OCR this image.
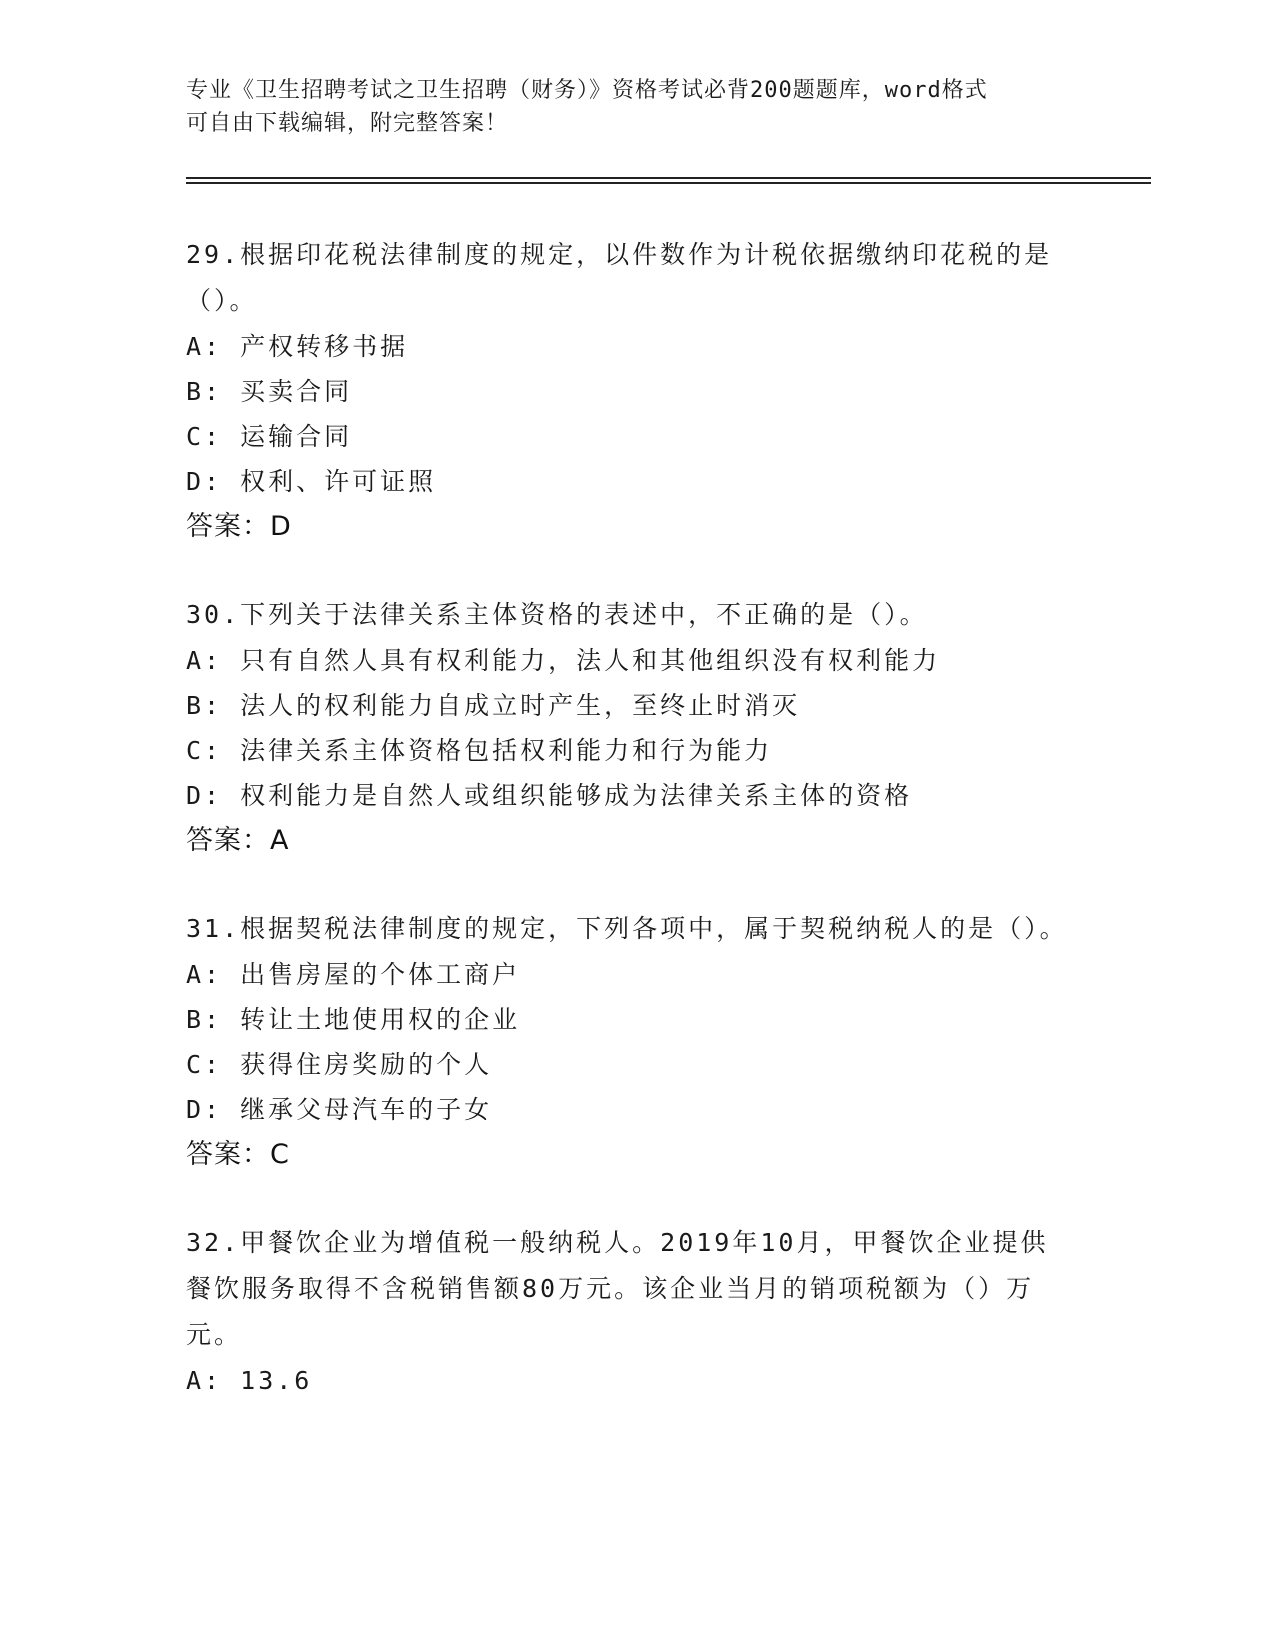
专业《卫生招聘考试之卫生招聘（财务）》资格考试必背200题题库，word格式
可自由下载编辑，附完整答案！

29.根据印花税法律制度的规定，以件数作为计税依据缴纳印花税的是（）。

A: 产权转移书据

B: 买卖合同

C: 运输合同

D: 权利、许可证照

答案：D

30.下列关于法律关系主体资格的表述中，不正确的是（）。

A: 只有自然人具有权利能力，法人和其他组织没有权利能力

B: 法人的权利能力自成立时产生，至终止时消灭

C: 法律关系主体资格包括权利能力和行为能力

D: 权利能力是自然人或组织能够成为法律关系主体的资格

答案：A

31.根据契税法律制度的规定，下列各项中，属于契税纳税人的是（）。

A: 出售房屋的个体工商户

B: 转让土地使用权的企业

C: 获得住房奖励的个人

D: 继承父母汽车的子女

答案：C

32.甲餐饮企业为增值税一般纳税人。2019年10月，甲餐饮企业提供餐饮服务取得不含税销售额80万元。该企业当月的销项税额为（）万元。

A: 13.6
